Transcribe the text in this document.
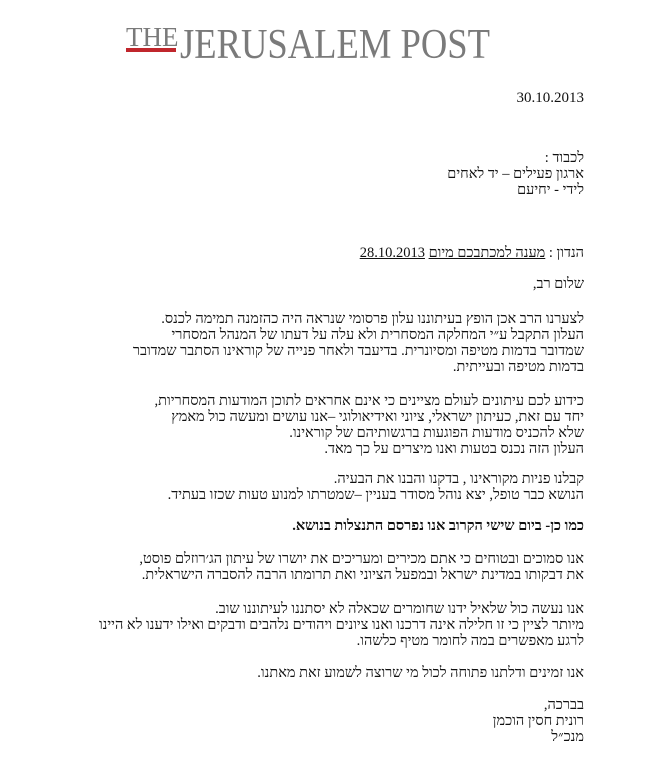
THE JERUSALEM POST
30.10.2013
לכבוד :
ארגון פעילים – יד לאחים
לידי - יחיעם
הנדון : מענה למכתבכם מיום 28.10.2013
שלום רב,
לצערנו הרב אכן הופץ בעיתוננו עלון פרסומי שנראה היה כהזמנה תמימה לכנס.
העלון התקבל ע״י המחלקה המסחרית ולא עלה על דעתו של המנהל המסחרי
שמדובר בדמות מטיפה ומסיונרית. בדיעבד ולאחר פנייה של קוראינו הסתבר שמדובר
בדמות מטיפה ובעייתית.
כידוע לכם עיתונים לעולם מציינים כי אינם אחראים לתוכן המודעות המסחריות,
יחד עם זאת, כעיתון ישראלי, ציוני ואידיאולוגי –אנו עושים ומעשה כול מאמץ
שלא להכניס מודעות הפוגעות ברגשותיהם של קוראינו.
העלון הזה נכנס בטעות ואנו מיצרים על כך מאד.
קבלנו פניות מקוראינו , בדקנו והבנו את הבעיה.
הנושא כבר טופל, יצא נוהל מסודר בעניין –שמטרתו למנוע טעות שכזו בעתיד.
כמו כן- ביום שישי הקרוב אנו נפרסם התנצלות בנושא.
אנו סמוכים ובטוחים כי אתם מכירים ומעריכים את יושרו של עיתון הג׳רוזלם פוסט,
את דבקותו במדינת ישראל ובמפעל הציוני ואת תרומתו הרבה להסברה הישראלית.
אנו נעשה כול שלאיל ידנו שחומרים שכאלה לא יסתננו לעיתוננו שוב.
מיותר לציין כי זו חלילה אינה דרכנו ואנו ציונים ויהודים נלהבים ודבקים ואילו ידענו לא היינו
לרגע מאפשרים במה לחומר מטיף כלשהו.
אנו זמינים ודלתנו פתוחה לכול מי שרוצה לשמוע זאת מאתנו.
בברכה,
רונית חסין הוכמן
מנכ״ל
